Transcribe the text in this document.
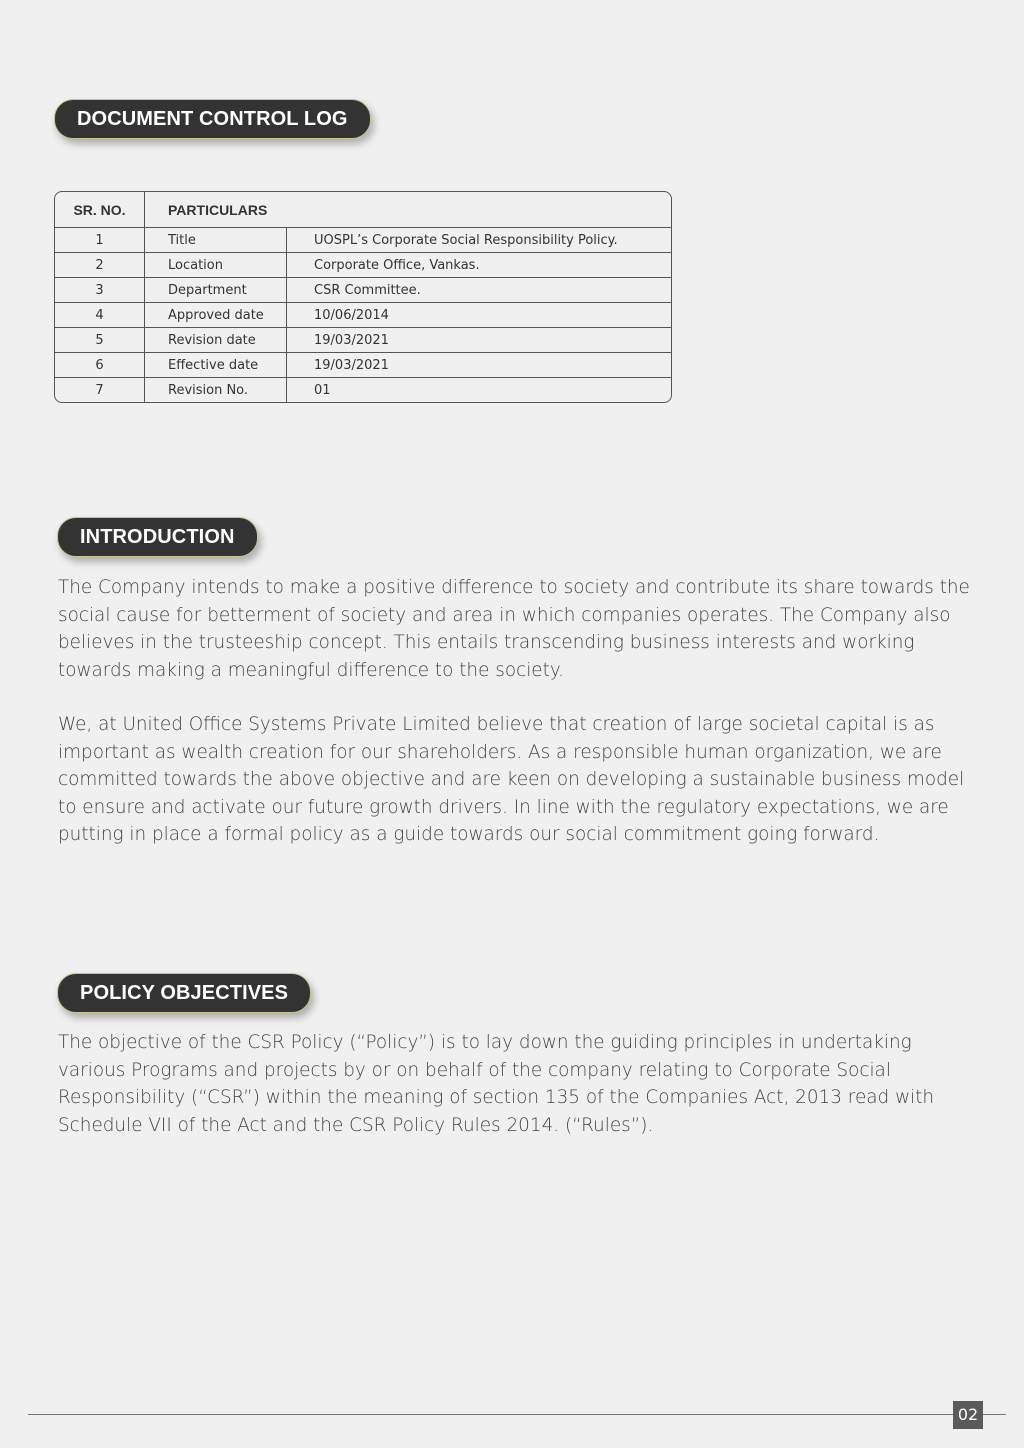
DOCUMENT CONTROL LOG
SR. NO.	PARTICULARS	
1	Title	UOSPL’s Corporate Social Responsibility Policy.
2	Location	Corporate Office, Vankas.
3	Department	CSR Committee.
4	Approved date	10/06/2014
5	Revision date	19/03/2021
6	Effective date	19/03/2021
7	Revision No.	01
INTRODUCTION

The Company intends to make a positive difference to society and contribute its share towards the social cause for betterment of society and area in which companies operates. The Company also believes in the trusteeship concept. This entails transcending business interests and working towards making a meaningful difference to the society.

We, at United Office Systems Private Limited believe that creation of large societal capital is as important as wealth creation for our shareholders. As a responsible human organization, we are committed towards the above objective and are keen on developing a sustainable business model to ensure and activate our future growth drivers. In line with the regulatory expectations, we are putting in place a formal policy as a guide towards our social commitment going forward.

POLICY OBJECTIVES

The objective of the CSR Policy (“Policy”) is to lay down the guiding principles in undertaking various Programs and projects by or on behalf of the company relating to Corporate Social Responsibility (“CSR”) within the meaning of section 135 of the Companies Act, 2013 read with Schedule VII of the Act and the CSR Policy Rules 2014. (“Rules”).

02
